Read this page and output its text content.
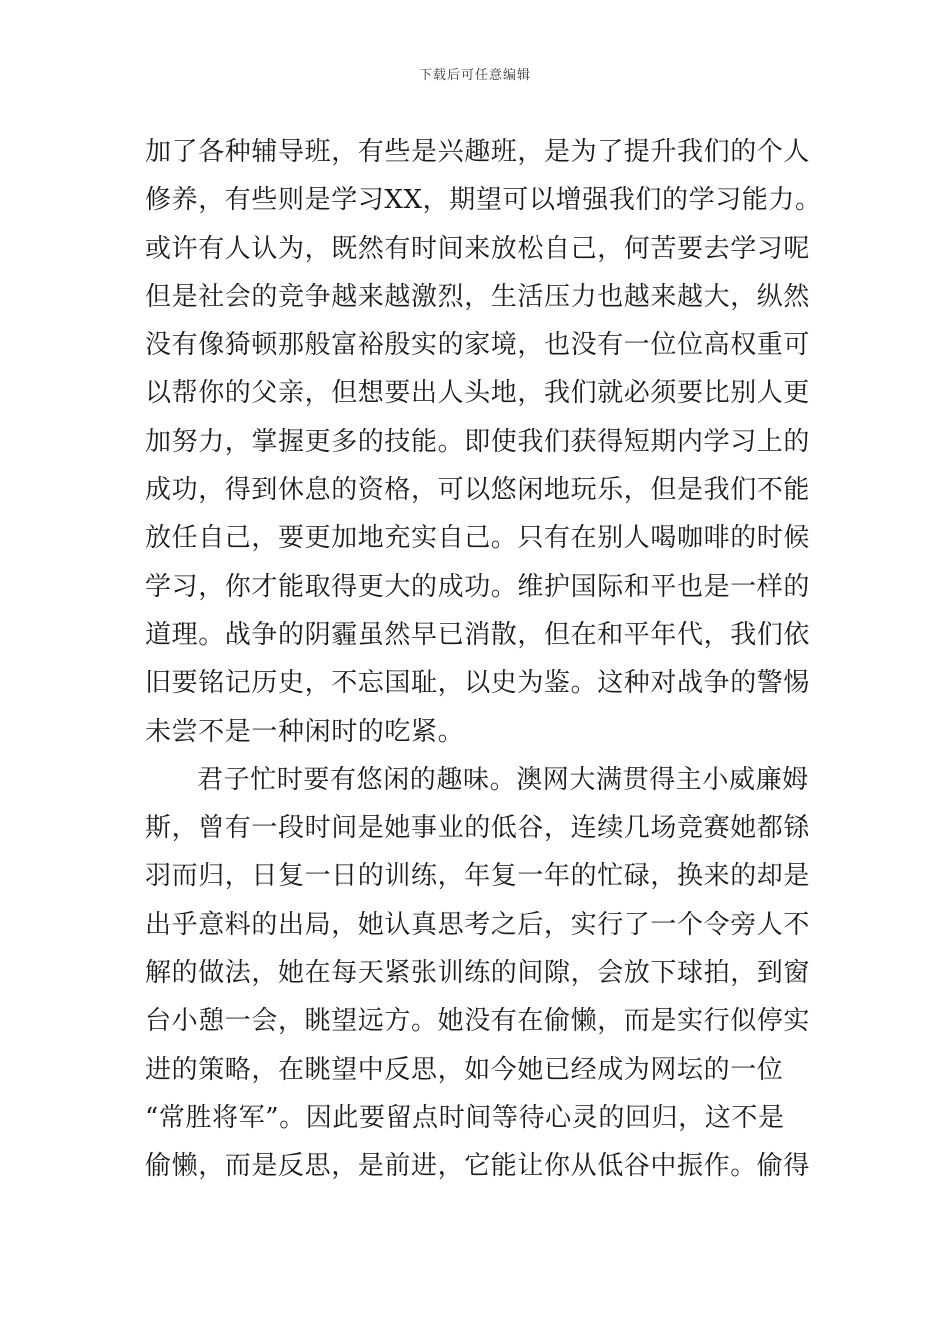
下载后可任意编辑
加了各种辅导班，有些是兴趣班，是为了提升我们的个人
修养，有些则是学习XX，期望可以增强我们的学习能力。
或许有人认为，既然有时间来放松自己，何苦要去学习呢
但是社会的竞争越来越激烈，生活压力也越来越大，纵然
没有像猗顿那般富裕殷实的家境，也没有一位位高权重可
以帮你的父亲，但想要出人头地，我们就必须要比别人更
加努力，掌握更多的技能。即使我们获得短期内学习上的
成功，得到休息的资格，可以悠闲地玩乐，但是我们不能
放任自己，要更加地充实自己。只有在别人喝咖啡的时候
学习，你才能取得更大的成功。维护国际和平也是一样的
道理。战争的阴霾虽然早已消散，但在和平年代，我们依
旧要铭记历史，不忘国耻，以史为鉴。这种对战争的警惕
未尝不是一种闲时的吃紧。
君子忙时要有悠闲的趣味。澳网大满贯得主小威廉姆
斯，曾有一段时间是她事业的低谷，连续几场竞赛她都铩
羽而归，日复一日的训练，年复一年的忙碌，换来的却是
出乎意料的出局，她认真思考之后，实行了一个令旁人不
解的做法，她在每天紧张训练的间隙，会放下球拍，到窗
台小憩一会，眺望远方。她没有在偷懒，而是实行似停实
进的策略，在眺望中反思，如今她已经成为网坛的一位
“常胜将军”。因此要留点时间等待心灵的回归，这不是
偷懒，而是反思，是前进，它能让你从低谷中振作。偷得
